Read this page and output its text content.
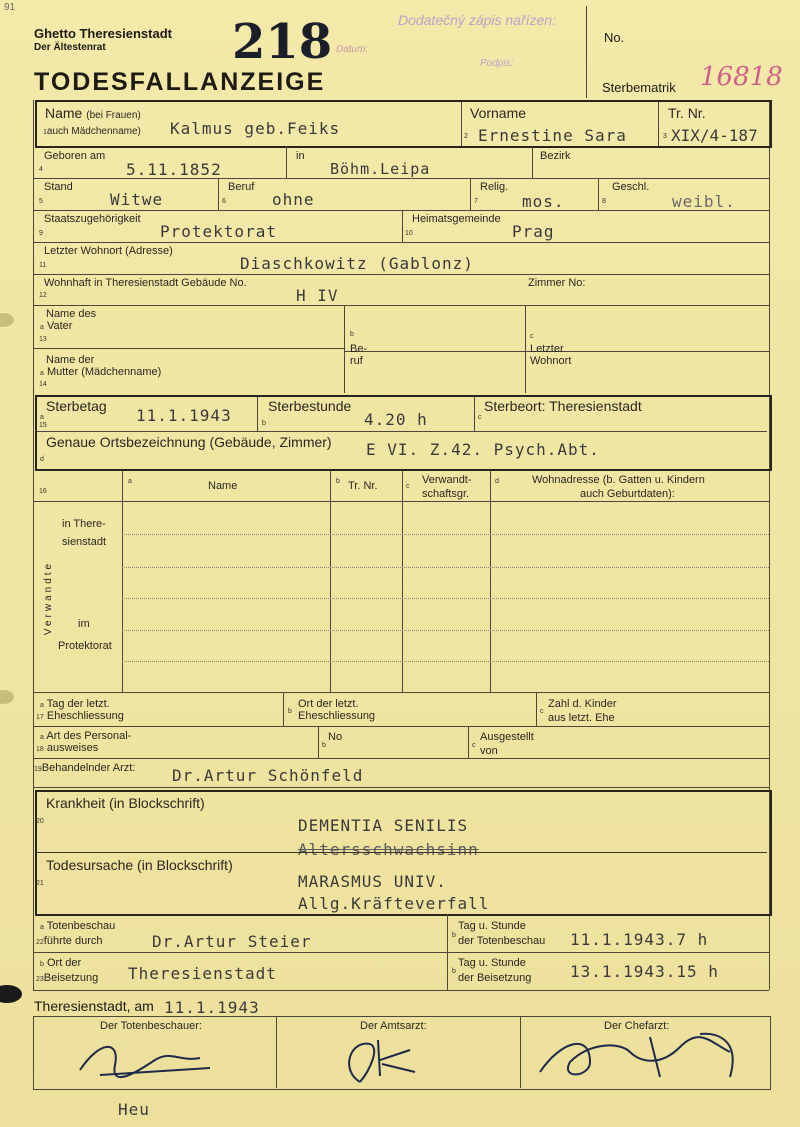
91
Ghetto Theresienstadt
Der Ältestenrat
TODESFALLANZEIGE
218 Datum:
Dodatečný zápis nařízen:
Podpis:
No.
Sterbematrik 16818
Name (bei Frauen)
1auch Mädchenname) Kalmus geb.Feiks
Vorname
2 Ernestine Sara
Tr. Nr.
3 XIX/4-187
Geboren am
4	5.11.1852
in
Böhm.Leipa
Bezirk
Stand
5	Witwe
Beruf
6	ohne
Relig.
7	mos.
Geschl.
8	weibl.
Staatszugehörigkeit
9	Protektorat
Heimatsgemeinde
10	Prag
Letzter Wohnort (Adresse)
11	Diaschkowitz (Gablonz)
Wohnhaft in Theresienstadt Gebäude No.
12	H IV
Zimmer No:
Name des
a Vater
13
b
Be-
ruf
c
Letzter
Wohnort
Name der
a Mutter (Mädchenname)
14
a
15
Sterbetag 11.1.1943	b
Sterbestunde
4.20 h	c
Sterbeort: Theresienstadt
d
Genaue Ortsbezeichnung (Gebäude, Zimmer) E VI. Z.42. Psych.Abt.
16
a	Name	b Tr. Nr.	c
Verwandt-
schaftsgr.
d	Wohnadresse (b. Gatten u. Kindern
auch Geburtdaten):
in There-
sienstadt
im
Protektorat
Verwandte
a Tag der letzt.
17 Eheschliessung	b
Ort der letzt.
Eheschliessung	c
Zahl d. Kinder
aus letzt. Ehe
a Art des Personal-
18 ausweises	b
No
c
Ausgestellt
von
19Behandelnder Arzt: Dr.Artur Schönfeld
Krankheit (in Blockschrift)
20	DEMENTIA SENILIS
Altersschwachsinn
Todesursache (in Blockschrift)
21	MARASMUS UNIV.
Allg.Kräfteverfall
a Totenbeschau
22führte durch	Dr.Artur Steier	b
Tag u. Stunde
der Totenbeschau 11.1.1943.7 h
b Ort der
23Beisetzung Theresienstadt	b
Tag u. Stunde
der Beisetzung 13.1.1943.15 h
Theresienstadt, am 11.1.1943
Der Totenbeschauer:	Der Amtsarzt:	Der Chefarzt:
Heu
